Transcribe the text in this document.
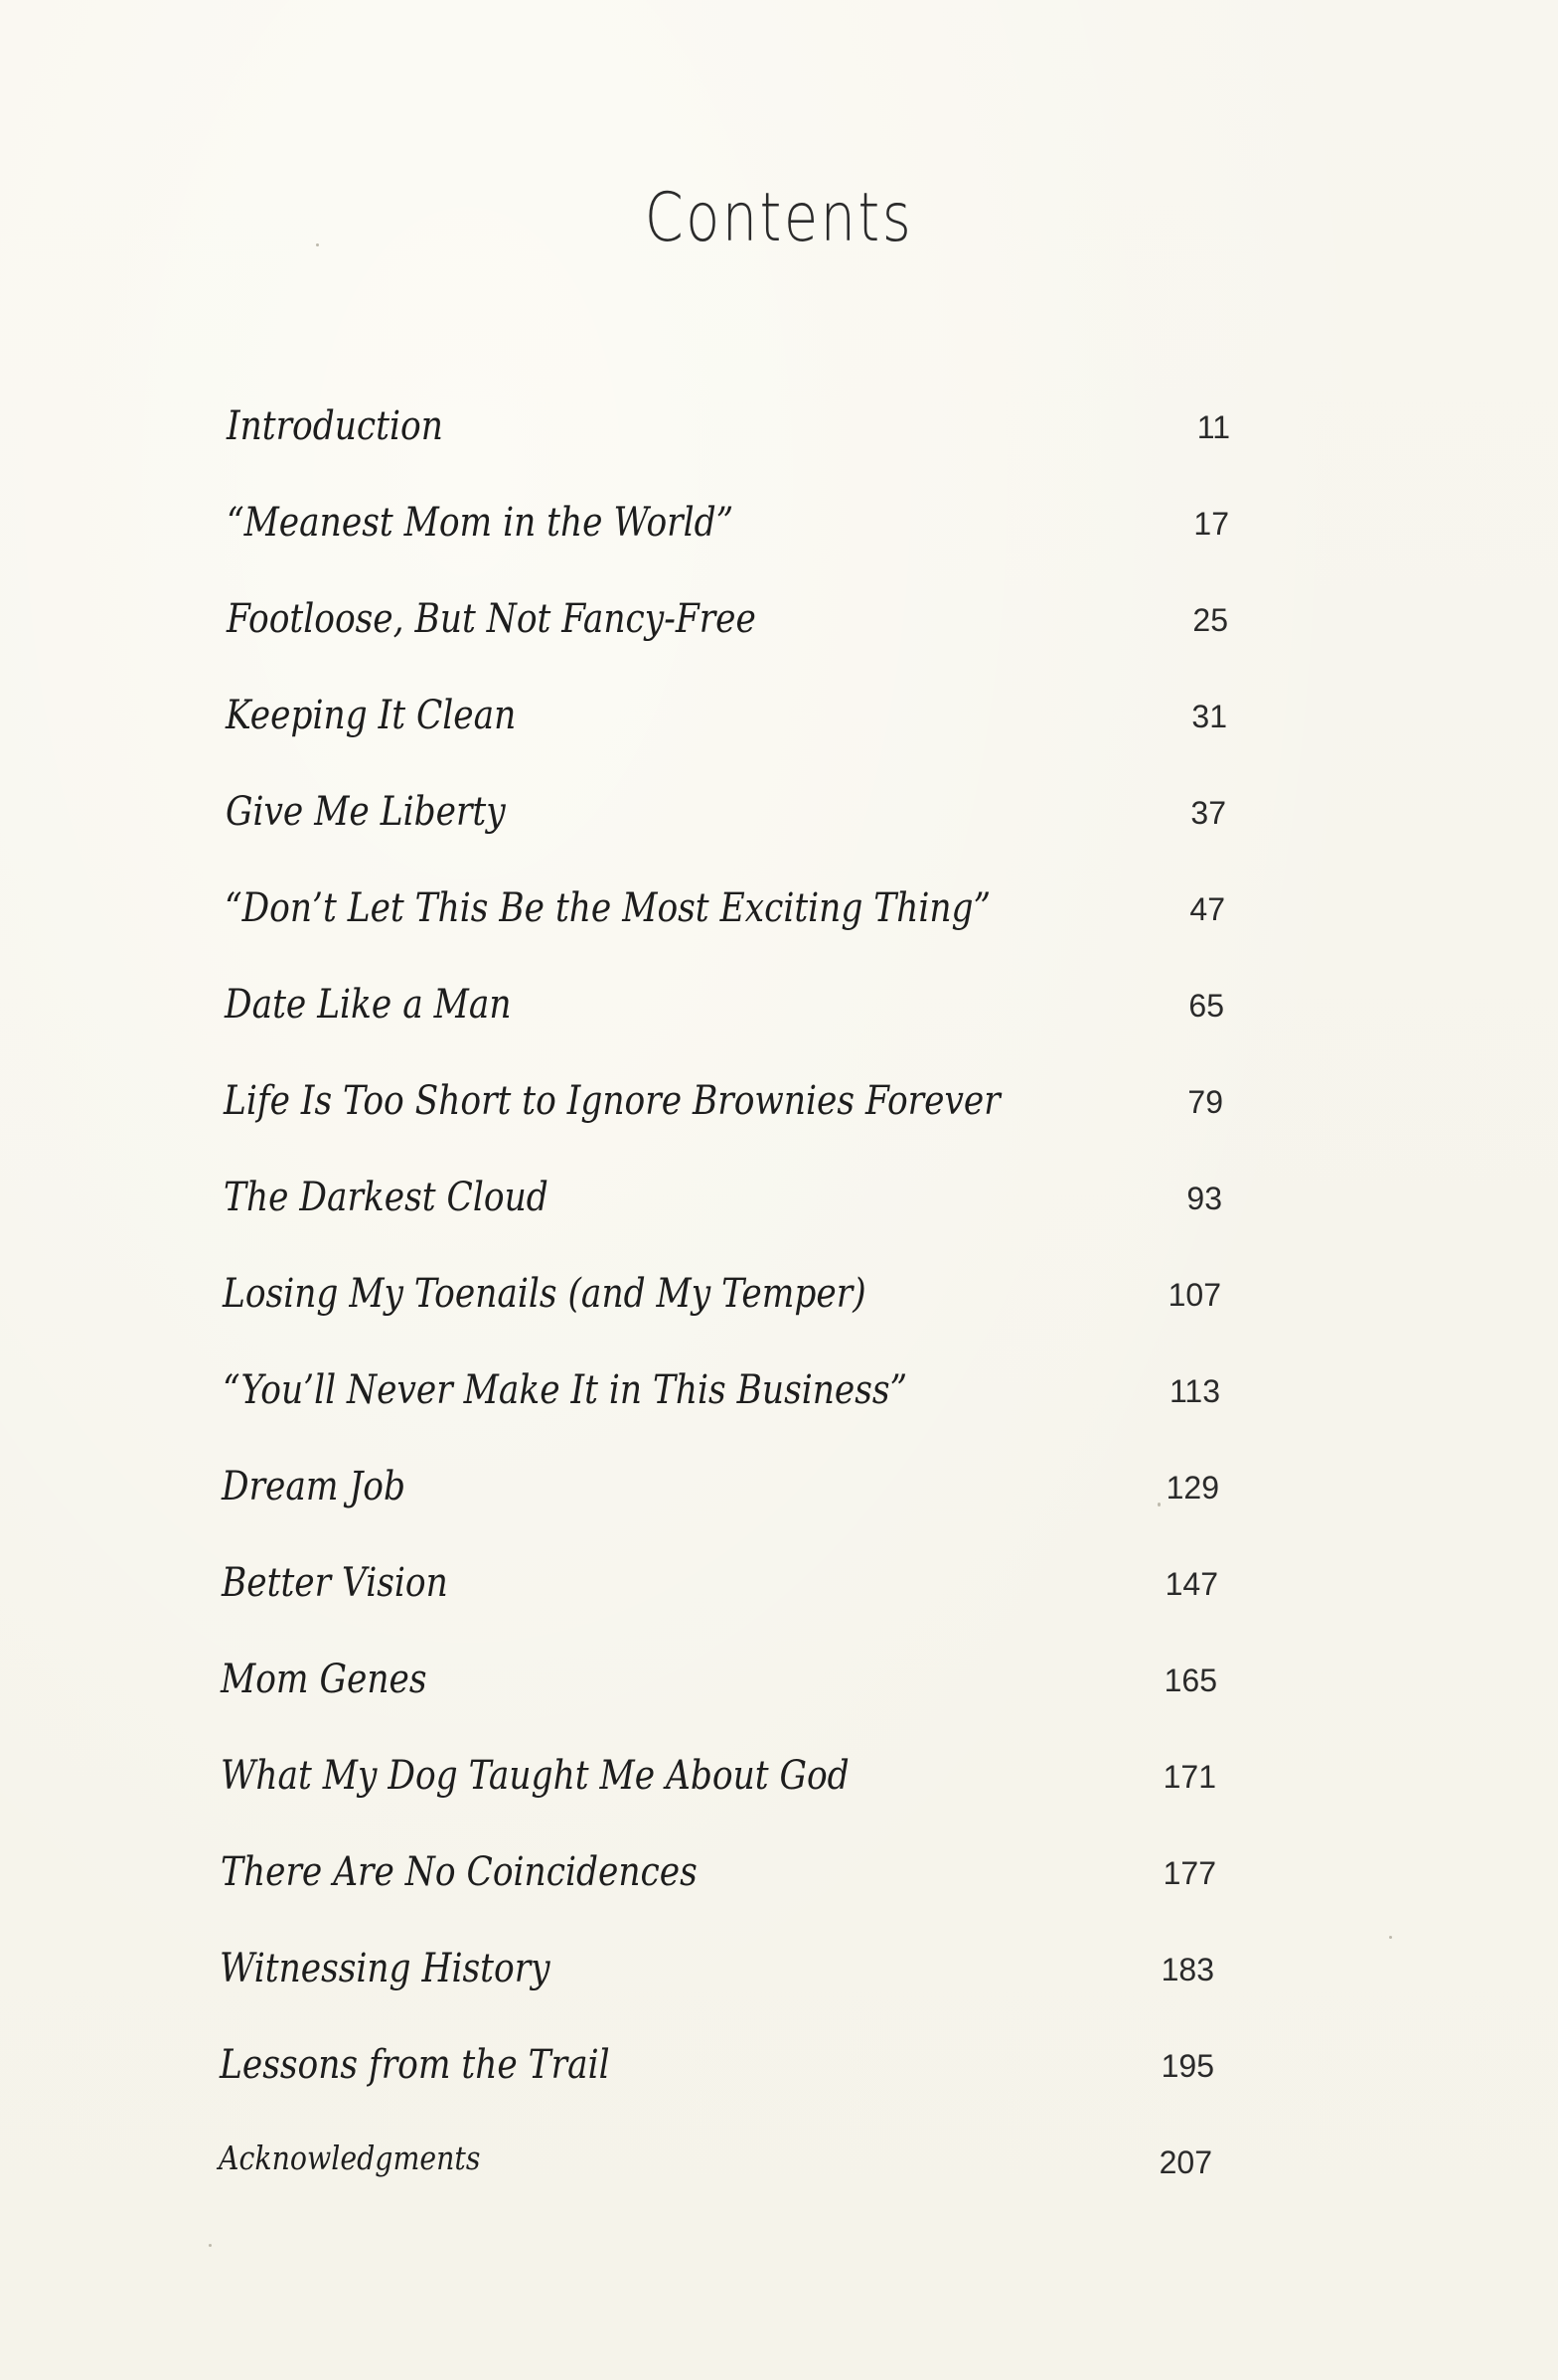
Contents
Introduction	11
“Meanest Mom in the World”	17
Footloose, But Not Fancy-Free	25
Keeping It Clean	31
Give Me Liberty	37
“Don’t Let This Be the Most Exciting Thing”	47
Date Like a Man	65
Life Is Too Short to Ignore Brownies Forever	79
The Darkest Cloud	93
Losing My Toenails (and My Temper)	107
“You’ll Never Make It in This Business”	113
Dream Job	129
Better Vision	147
Mom Genes	165
What My Dog Taught Me About God	171
There Are No Coincidences	177
Witnessing History	183
Lessons from the Trail	195
Acknowledgments	207
